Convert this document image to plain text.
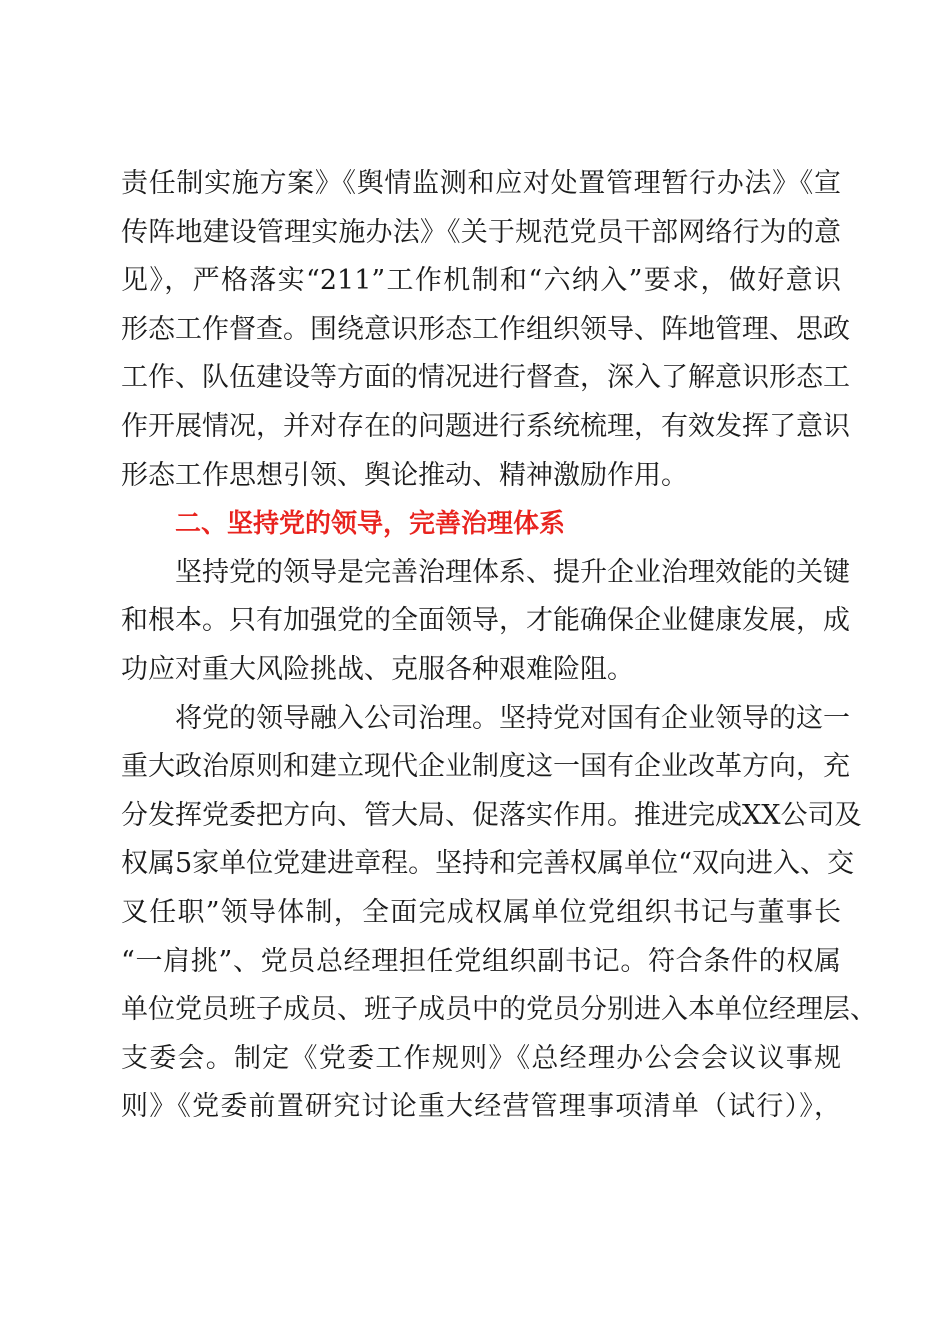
责任制实施方案》《舆情监测和应对处置管理暂行办法》《宣
传阵地建设管理实施办法》《关于规范党员干部网络行为的意
见》，严格落实“211”工作机制和“六纳入”要求，做好意识
形态工作督查。围绕意识形态工作组织领导、阵地管理、思政
工作、队伍建设等方面的情况进行督查，深入了解意识形态工
作开展情况，并对存在的问题进行系统梳理，有效发挥了意识
形态工作思想引领、舆论推动、精神激励作用。
二、坚持党的领导，完善治理体系
坚持党的领导是完善治理体系、提升企业治理效能的关键
和根本。只有加强党的全面领导，才能确保企业健康发展，成
功应对重大风险挑战、克服各种艰难险阻。
将党的领导融入公司治理。坚持党对国有企业领导的这一
重大政治原则和建立现代企业制度这一国有企业改革方向，充
分发挥党委把方向、管大局、促落实作用。推进完成XX公司及
权属5家单位党建进章程。坚持和完善权属单位“双向进入、交
叉任职”领导体制，全面完成权属单位党组织书记与董事长
“一肩挑”、党员总经理担任党组织副书记。符合条件的权属
单位党员班子成员、班子成员中的党员分别进入本单位经理层、
支委会。制定《党委工作规则》《总经理办公会会议议事规
则》《党委前置研究讨论重大经营管理事项清单（试行）》，
